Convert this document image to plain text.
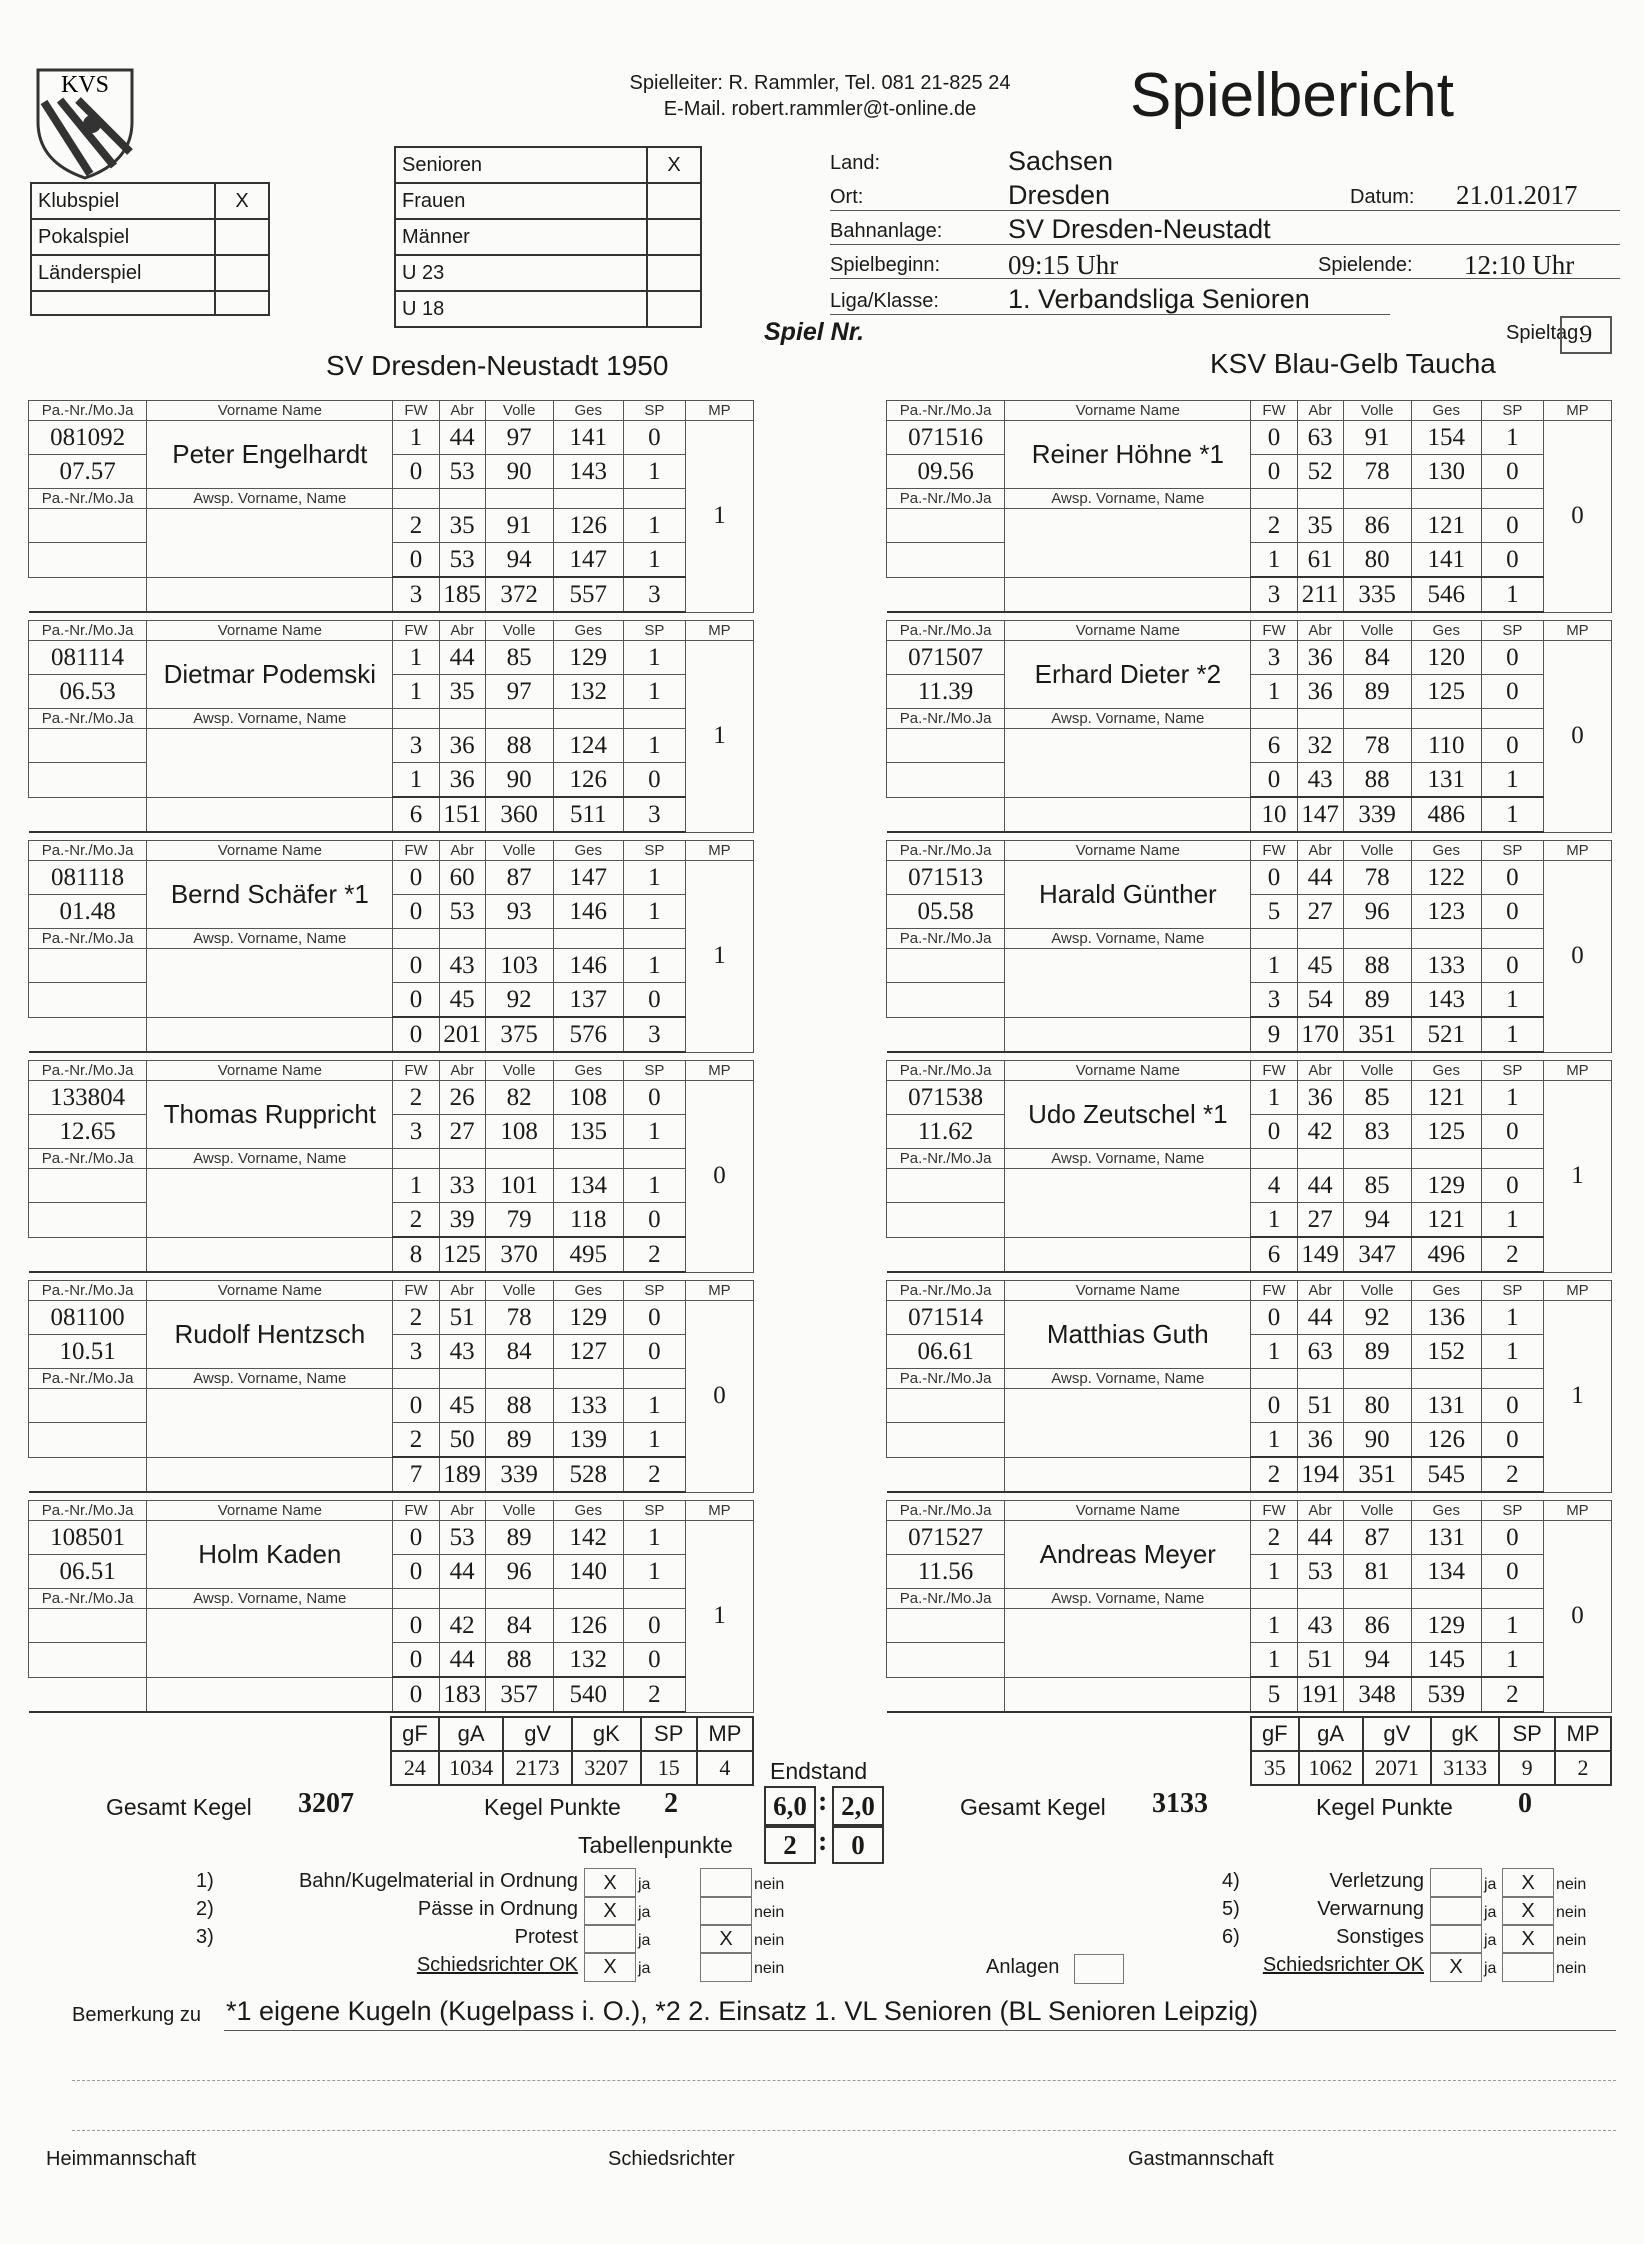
KVS	Spielleiter: R. Rammler, Tel. 081 21-825 24
E-Mail. robert.rammler@t-online.de	Spielbericht
Klubspiel	X
Pokalspiel	
Länderspiel	

Senioren	X
Frauen	
Männer	
U 23	
U 18	
Land:	Sachsen
Ort:	Dresden	Datum: 21.01.2017
Bahnanlage: SV Dresden-Neustadt
Spielbeginn:	09:15 Uhr	Spielende: 12:10 Uhr
Liga/Klasse:	1. Verbandsliga Senioren
Spiel Nr.	Spieltag:
9
SV Dresden-Neustadt 1950	KSV Blau-Gelb Taucha
Pa.-Nr./Mo.Ja	Vorname Name	FW	Abr	Volle	Ges	SP	MP
081092	Peter Engelhardt	1	44	97	141	0	1
07.57		0	53	90	143	1	
Pa.-Nr./Mo.Ja	Awsp. Vorname, Name						
		2	35	91	126	1	
		0	53	94	147	1	
		3	185	372	557	3	
Pa.-Nr./Mo.Ja	Vorname Name	FW	Abr	Volle	Ges	SP	MP
081114	Dietmar Podemski	1	44	85	129	1	1
06.53		1	35	97	132	1	
Pa.-Nr./Mo.Ja	Awsp. Vorname, Name						
		3	36	88	124	1	
		1	36	90	126	0	
		6	151	360	511	3	
Pa.-Nr./Mo.Ja	Vorname Name	FW	Abr	Volle	Ges	SP	MP
081118	Bernd Schäfer *1	0	60	87	147	1	1
01.48		0	53	93	146	1	
Pa.-Nr./Mo.Ja	Awsp. Vorname, Name						
		0	43	103	146	1	
		0	45	92	137	0	
		0	201	375	576	3	
Pa.-Nr./Mo.Ja	Vorname Name	FW	Abr	Volle	Ges	SP	MP
133804	Thomas Ruppricht	2	26	82	108	0	0
12.65		3	27	108	135	1	
Pa.-Nr./Mo.Ja	Awsp. Vorname, Name						
		1	33	101	134	1	
		2	39	79	118	0	
		8	125	370	495	2	
Pa.-Nr./Mo.Ja	Vorname Name	FW	Abr	Volle	Ges	SP	MP
081100	Rudolf Hentzsch	2	51	78	129	0	0
10.51		3	43	84	127	0	
Pa.-Nr./Mo.Ja	Awsp. Vorname, Name						
		0	45	88	133	1	
		2	50	89	139	1	
		7	189	339	528	2	
Pa.-Nr./Mo.Ja	Vorname Name	FW	Abr	Volle	Ges	SP	MP
108501	Holm Kaden	0	53	89	142	1	1
06.51		0	44	96	140	1	
Pa.-Nr./Mo.Ja	Awsp. Vorname, Name						
		0	42	84	126	0	
		0	44	88	132	0	
		0	183	357	540	2	
Pa.-Nr./Mo.Ja	Vorname Name	FW	Abr	Volle	Ges	SP	MP
071516	Reiner Höhne *1	0	63	91	154	1	0
09.56		0	52	78	130	0	
Pa.-Nr./Mo.Ja	Awsp. Vorname, Name						
		2	35	86	121	0	
		1	61	80	141	0	
		3	211	335	546	1	
Pa.-Nr./Mo.Ja	Vorname Name	FW	Abr	Volle	Ges	SP	MP
071507	Erhard Dieter *2	3	36	84	120	0	0
11.39		1	36	89	125	0	
Pa.-Nr./Mo.Ja	Awsp. Vorname, Name						
		6	32	78	110	0	
		0	43	88	131	1	
		10	147	339	486	1	
Pa.-Nr./Mo.Ja	Vorname Name	FW	Abr	Volle	Ges	SP	MP
071513	Harald Günther	0	44	78	122	0	0
05.58		5	27	96	123	0	
Pa.-Nr./Mo.Ja	Awsp. Vorname, Name						
		1	45	88	133	0	
		3	54	89	143	1	
		9	170	351	521	1	
Pa.-Nr./Mo.Ja	Vorname Name	FW	Abr	Volle	Ges	SP	MP
071538	Udo Zeutschel *1	1	36	85	121	1	1
11.62		0	42	83	125	0	
Pa.-Nr./Mo.Ja	Awsp. Vorname, Name						
		4	44	85	129	0	
		1	27	94	121	1	
		6	149	347	496	2	
Pa.-Nr./Mo.Ja	Vorname Name	FW	Abr	Volle	Ges	SP	MP
071514	Matthias Guth	0	44	92	136	1	1
06.61		1	63	89	152	1	
Pa.-Nr./Mo.Ja	Awsp. Vorname, Name						
		0	51	80	131	0	
		1	36	90	126	0	
		2	194	351	545	2	
Pa.-Nr./Mo.Ja	Vorname Name	FW	Abr	Volle	Ges	SP	MP
071527	Andreas Meyer	2	44	87	131	0	0
11.56		1	53	81	134	0	
Pa.-Nr./Mo.Ja	Awsp. Vorname, Name						
		1	43	86	129	1	
		1	51	94	145	1	
		5	191	348	539	2	
gF	gA	gV	gK	SP	MP
24	1034	2173	3207	15	4
gF	gA	gV	gK	SP	MP
35	1062	2071	3133	9	2
Endstand
6,0 : 2,0
Tabellenpunkte	2 : 0
Gesamt Kegel 3207	Kegel Punkte 2	Gesamt Kegel 3133	Kegel Punkte 0
1)	Bahn/Kugelmaterial in Ordnung	X	ja	nein
2)	Pässe in Ordnung	X	ja	nein
3)	Protest	ja	X	nein
Schiedsrichter OK	X	ja	nein
4)	Verletzung	ja	X	nein
5)	Verwarnung	ja	X	nein
6)	Sonstiges	ja	X	nein
Schiedsrichter OK	X	ja	nein
Anlagen
Bemerkung zu *1 eigene Kugeln (Kugelpass i. O.), *2 2. Einsatz 1. VL Senioren (BL Senioren Leipzig)
Heimmannschaft	Schiedsrichter	Gastmannschaft
